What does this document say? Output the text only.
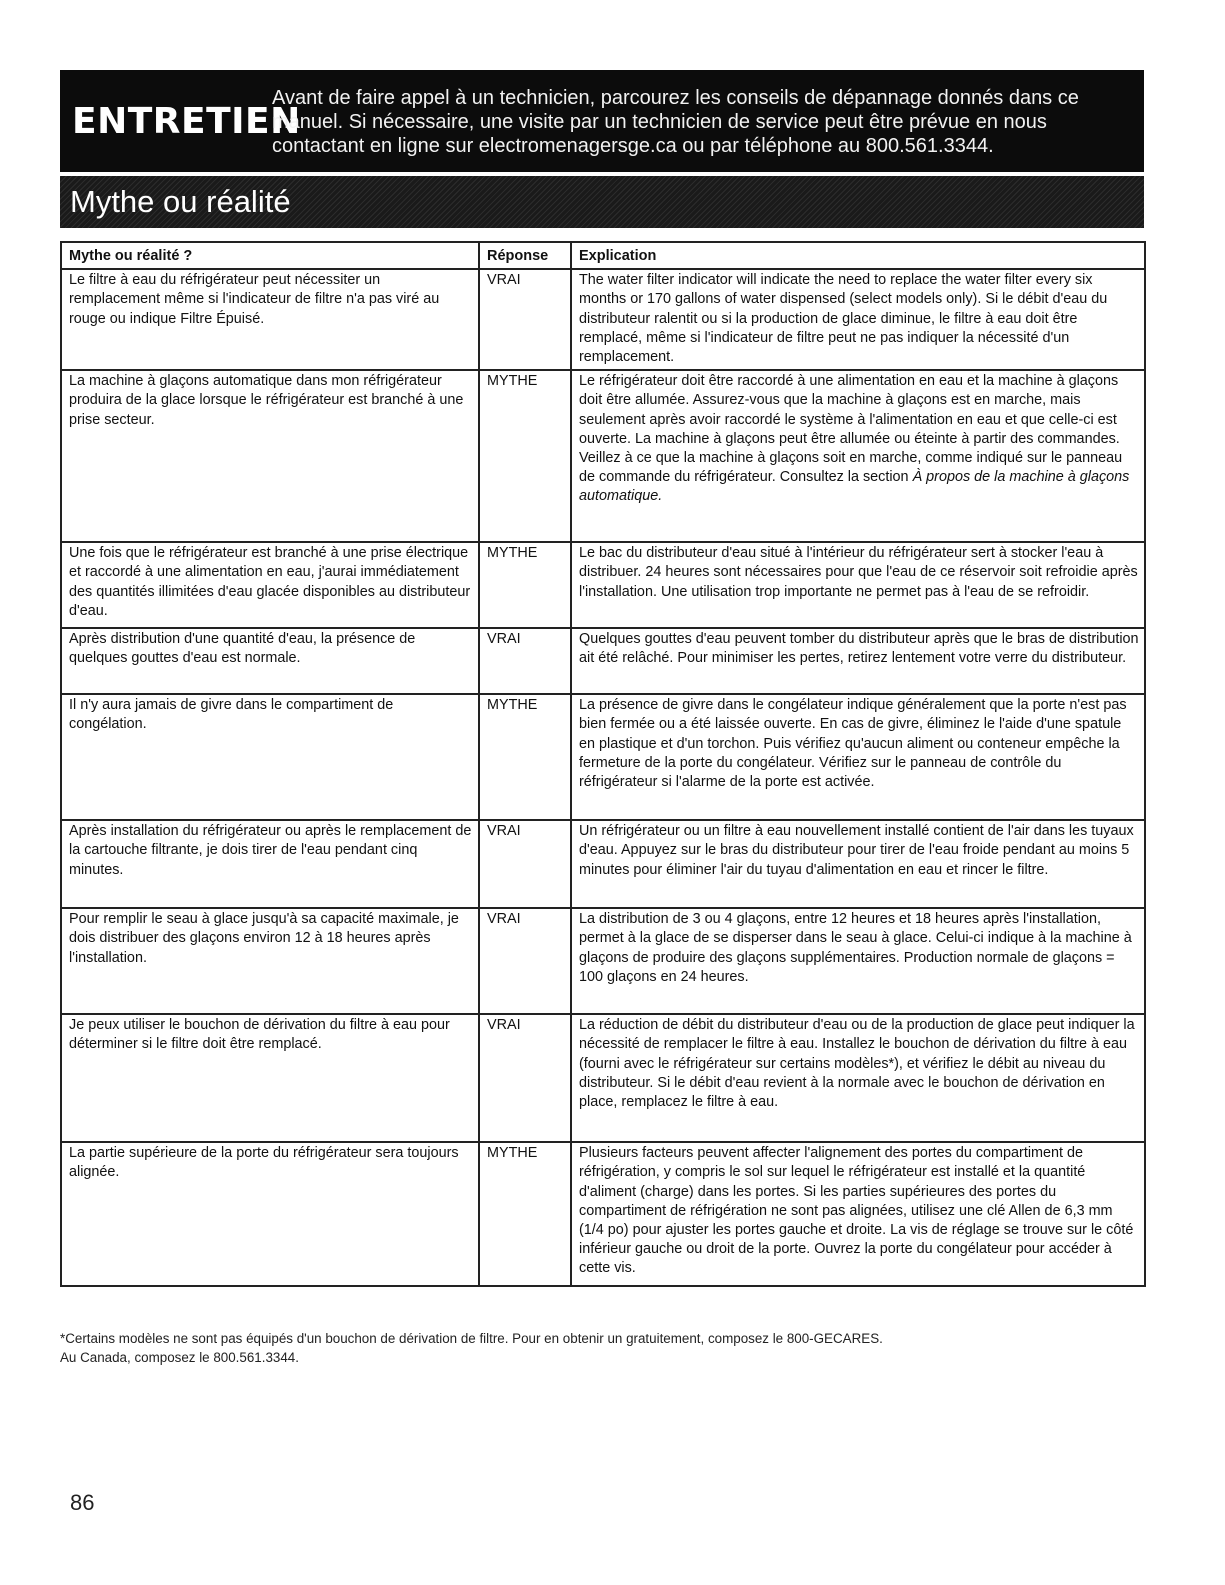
ENTRETIEN
Avant de faire appel à un technicien, parcourez les conseils de dépannage donnés dans ce manuel. Si nécessaire, une visite par un technicien de service peut être prévue en nous contactant en ligne sur electromenagersge.ca ou par téléphone au 800.561.3344.
Mythe ou réalité
Mythe ou réalité ?	Réponse	Explication
Le filtre à eau du réfrigérateur peut nécessiter un remplacement même si l'indicateur de filtre n'a pas viré au rouge ou indique Filtre Épuisé.	VRAI	The water filter indicator will indicate the need to replace the water filter every six months or 170 gallons of water dispensed (select models only). Si le débit d'eau du distributeur ralentit ou si la production de glace diminue, le filtre à eau doit être remplacé, même si l'indicateur de filtre peut ne pas indiquer la nécessité d'un remplacement.
La machine à glaçons automatique dans mon réfrigérateur produira de la glace lorsque le réfrigérateur est branché à une prise secteur.	MYTHE	Le réfrigérateur doit être raccordé à une alimentation en eau et la machine à glaçons doit être allumée. Assurez-vous que la machine à glaçons est en marche, mais seulement après avoir raccordé le système à l'alimentation en eau et que celle-ci est ouverte. La machine à glaçons peut être allumée ou éteinte à partir des commandes. Veillez à ce que la machine à glaçons soit en marche, comme indiqué sur le panneau de commande du réfrigérateur. Consultez la section À propos de la machine à glaçons automatique.
Une fois que le réfrigérateur est branché à une prise électrique et raccordé à une alimentation en eau, j'aurai immédiatement des quantités illimitées d'eau glacée disponibles au distributeur d'eau.	MYTHE	Le bac du distributeur d'eau situé à l'intérieur du réfrigérateur sert à stocker l'eau à distribuer. 24 heures sont nécessaires pour que l'eau de ce réservoir soit refroidie après l'installation. Une utilisation trop importante ne permet pas à l'eau de se refroidir.
Après distribution d'une quantité d'eau, la présence de quelques gouttes d'eau est normale.	VRAI	Quelques gouttes d'eau peuvent tomber du distributeur après que le bras de distribution ait été relâché. Pour minimiser les pertes, retirez lentement votre verre du distributeur.
Il n'y aura jamais de givre dans le compartiment de congélation.	MYTHE	La présence de givre dans le congélateur indique généralement que la porte n'est pas bien fermée ou a été laissée ouverte. En cas de givre, éliminez le l'aide d'une spatule en plastique et d'un torchon. Puis vérifiez qu'aucun aliment ou conteneur empêche la fermeture de la porte du congélateur. Vérifiez sur le panneau de contrôle du réfrigérateur si l'alarme de la porte est activée.
Après installation du réfrigérateur ou après le remplacement de la cartouche filtrante, je dois tirer de l'eau pendant cinq minutes.	VRAI	Un réfrigérateur ou un filtre à eau nouvellement installé contient de l'air dans les tuyaux d'eau. Appuyez sur le bras du distributeur pour tirer de l'eau froide pendant au moins 5 minutes pour éliminer l'air du tuyau d'alimentation en eau et rincer le filtre.
Pour remplir le seau à glace jusqu'à sa capacité maximale, je dois distribuer des glaçons environ 12 à 18 heures après l'installation.	VRAI	La distribution de 3 ou 4 glaçons, entre 12 heures et 18 heures après l'installation, permet à la glace de se disperser dans le seau à glace. Celui-ci indique à la machine à glaçons de produire des glaçons supplémentaires. Production normale de glaçons = 100 glaçons en 24 heures.
Je peux utiliser le bouchon de dérivation du filtre à eau pour déterminer si le filtre doit être remplacé.	VRAI	La réduction de débit du distributeur d'eau ou de la production de glace peut indiquer la nécessité de remplacer le filtre à eau. Installez le bouchon de dérivation du filtre à eau (fourni avec le réfrigérateur sur certains modèles*), et vérifiez le débit au niveau du distributeur. Si le débit d'eau revient à la normale avec le bouchon de dérivation en place, remplacez le filtre à eau.
La partie supérieure de la porte du réfrigérateur sera toujours alignée.	MYTHE	Plusieurs facteurs peuvent affecter l'alignement des portes du compartiment de réfrigération, y compris le sol sur lequel le réfrigérateur est installé et la quantité d'aliment (charge) dans les portes. Si les parties supérieures des portes du compartiment de réfrigération ne sont pas alignées, utilisez une clé Allen de 6,3 mm (1/4 po) pour ajuster les portes gauche et droite. La vis de réglage se trouve sur le côté inférieur gauche ou droit de la porte. Ouvrez la porte du congélateur pour accéder à cette vis.
*Certains modèles ne sont pas équipés d'un bouchon de dérivation de filtre. Pour en obtenir un gratuitement, composez le 800-GECARES.
Au Canada, composez le 800.561.3344.
86
